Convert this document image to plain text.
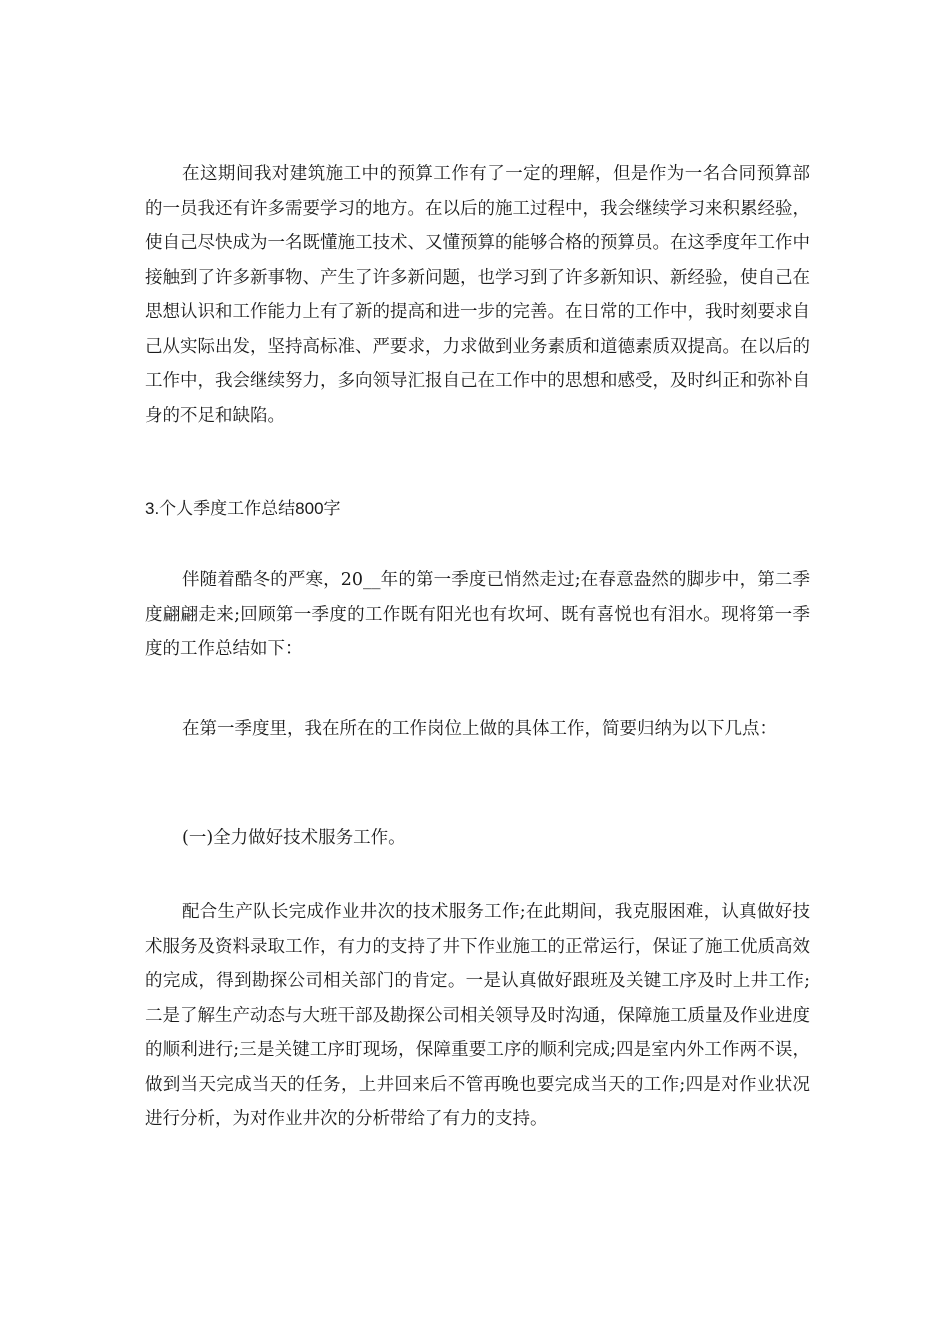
在这期间我对建筑施工中的预算工作有了一定的理解，但是作为一名合同预算部的一员我还有许多需要学习的地方。在以后的施工过程中，我会继续学习来积累经验，使自己尽快成为一名既懂施工技术、又懂预算的能够合格的预算员。在这季度年工作中接触到了许多新事物、产生了许多新问题，也学习到了许多新知识、新经验，使自己在思想认识和工作能力上有了新的提高和进一步的完善。在日常的工作中，我时刻要求自己从实际出发，坚持高标准、严要求，力求做到业务素质和道德素质双提高。在以后的工作中，我会继续努力，多向领导汇报自己在工作中的思想和感受，及时纠正和弥补自身的不足和缺陷。

3.个人季度工作总结800字

伴随着酷冬的严寒，20__年的第一季度已悄然走过;在春意盎然的脚步中，第二季度翩翩走来;回顾第一季度的工作既有阳光也有坎坷、既有喜悦也有泪水。现将第一季度的工作总结如下：

在第一季度里，我在所在的工作岗位上做的具体工作，简要归纳为以下几点：

(一)全力做好技术服务工作。

配合生产队长完成作业井次的技术服务工作;在此期间，我克服困难，认真做好技术服务及资料录取工作，有力的支持了井下作业施工的正常运行，保证了施工优质高效的完成，得到勘探公司相关部门的肯定。一是认真做好跟班及关键工序及时上井工作;二是了解生产动态与大班干部及勘探公司相关领导及时沟通，保障施工质量及作业进度的顺利进行;三是关键工序盯现场，保障重要工序的顺利完成;四是室内外工作两不误，做到当天完成当天的任务，上井回来后不管再晚也要完成当天的工作;四是对作业状况进行分析，为对作业井次的分析带给了有力的支持。
